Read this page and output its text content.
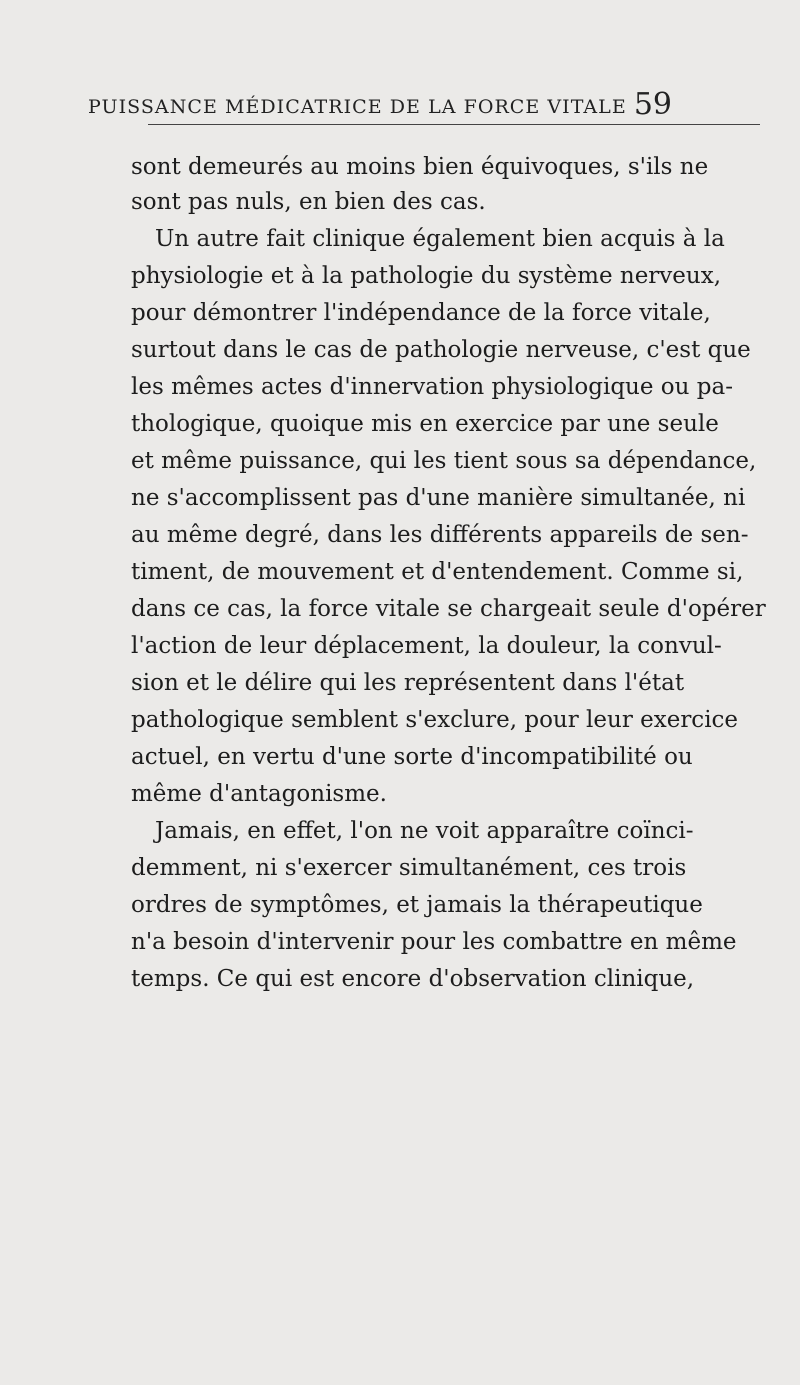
PUISSANCE MÉDICATRICE DE LA FORCE VITALE 59
sont demeurés au moins bien équivoques, s'ils ne
sont pas nuls, en bien des cas.
Un autre fait clinique également bien acquis à la
physiologie et à la pathologie du système nerveux,
pour démontrer l'indépendance de la force vitale,
surtout dans le cas de pathologie nerveuse, c'est que
les mêmes actes d'innervation physiologique ou pa-
thologique, quoique mis en exercice par une seule
et même puissance, qui les tient sous sa dépendance,
ne s'accomplissent pas d'une manière simultanée, ni
au même degré, dans les différents appareils de sen-
timent, de mouvement et d'entendement. Comme si,
dans ce cas, la force vitale se chargeait seule d'opérer
l'action de leur déplacement, la douleur, la convul-
sion et le délire qui les représentent dans l'état
pathologique semblent s'exclure, pour leur exercice
actuel, en vertu d'une sorte d'incompatibilité ou
même d'antagonisme.
Jamais, en effet, l'on ne voit apparaître coïnci-
demment, ni s'exercer simultanément, ces trois
ordres de symptômes, et jamais la thérapeutique
n'a besoin d'intervenir pour les combattre en même
temps. Ce qui est encore d'observation clinique,
